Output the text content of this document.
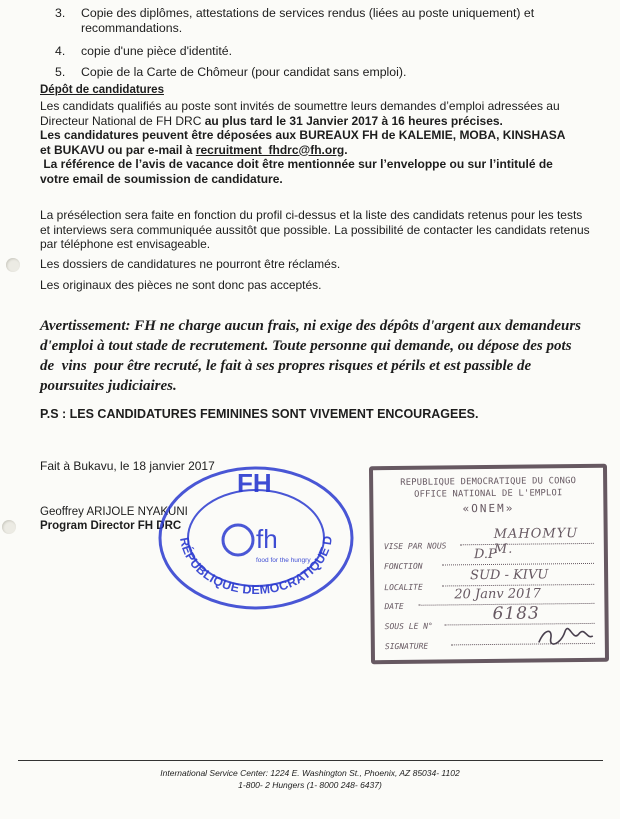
3. Copie des diplômes, attestations de services rendus (liées au poste uniquement) et
recommandations.
4. copie d'une pièce d'identité.
5. Copie de la Carte de Chômeur (pour candidat sans emploi).
Dépôt de candidatures
Les candidats qualifiés au poste sont invités de soumettre leurs demandes d’emploi adressées au
Directeur National de FH DRC au plus tard le 31 Janvier 2017 à 16 heures précises.
Les candidatures peuvent être déposées aux BUREAUX FH de KALEMIE, MOBA, KINSHASA
et BUKAVU ou par e-mail à recruitment_fhdrc@fh.org.
La référence de l’avis de vacance doit être mentionnée sur l’enveloppe ou sur l’intitulé de
votre email de soumission de candidature.
La présélection sera faite en fonction du profil ci-dessus et la liste des candidats retenus pour les tests
et interviews sera communiquée aussitôt que possible. La possibilité de contacter les candidats retenus
par téléphone est envisageable.
Les dossiers de candidatures ne pourront être réclamés.
Les originaux des pièces ne sont donc pas acceptés.
Avertissement: FH ne charge aucun frais, ni exige des dépôts d'argent aux demandeurs
d'emploi à tout stade de recrutement. Toute personne qui demande, ou dépose des pots
de  vins  pour être recruté, le fait à ses propres risques et périls et est passible de
poursuites judiciaires.
P.S : LES CANDIDATURES FEMININES SONT VIVEMENT ENCOURAGEES.
Fait à Bukavu, le 18 janvier 2017
Geoffrey ARIJOLE NYAKUNI
Program Director FH DRC
FH
RÉPUBLIQUE DEMOCRATIQUE D
fh
food for the hungry
REPUBLIQUE DEMOCRATIQUE DU CONGO
OFFICE NATIONAL DE L'EMPLOI
«ONEM»
VISE PAR NOUS
MAHOMYU M.
FONCTION
D.P
LOCALITE
SUD - KIVU
DATE
20 Janv 2017
SOUS LE N°
6183
SIGNATURE
International Service Center: 1224 E. Washington St., Phoenix, AZ 85034- 1102
1-800- 2 Hungers (1- 8000 248- 6437)
